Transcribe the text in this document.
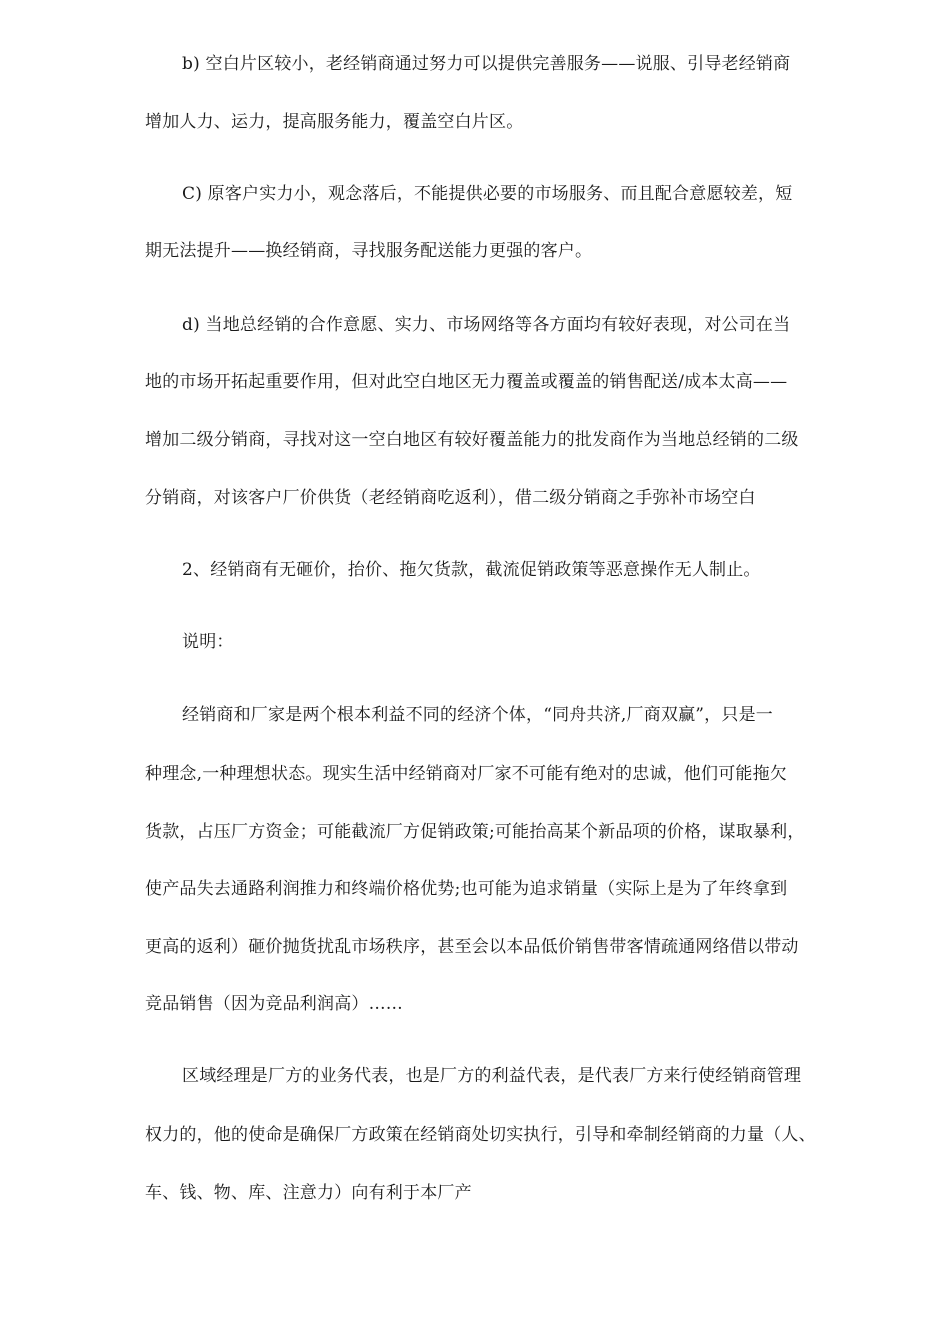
b) 空白片区较小，老经销商通过努力可以提供完善服务——说服、引导老经销商
增加人力、运力，提高服务能力，覆盖空白片区。
C) 原客户实力小，观念落后，不能提供必要的市场服务、而且配合意愿较差，短
期无法提升——换经销商，寻找服务配送能力更强的客户。
d) 当地总经销的合作意愿、实力、市场网络等各方面均有较好表现，对公司在当
地的市场开拓起重要作用，但对此空白地区无力覆盖或覆盖的销售配送/成本太高——
增加二级分销商，寻找对这一空白地区有较好覆盖能力的批发商作为当地总经销的二级
分销商，对该客户厂价供货（老经销商吃返利），借二级分销商之手弥补市场空白
2、经销商有无砸价，抬价、拖欠货款，截流促销政策等恶意操作无人制止。
说明：
经销商和厂家是两个根本利益不同的经济个体，“同舟共济,厂商双赢”，只是一
种理念,一种理想状态。现实生活中经销商对厂家不可能有绝对的忠诚，他们可能拖欠
货款，占压厂方资金；可能截流厂方促销政策;可能抬高某个新品项的价格，谋取暴利，
使产品失去通路利润推力和终端价格优势;也可能为追求销量（实际上是为了年终拿到
更高的返利）砸价抛货扰乱市场秩序，甚至会以本品低价销售带客情疏通网络借以带动
竞品销售（因为竞品利润高）……
区域经理是厂方的业务代表，也是厂方的利益代表，是代表厂方来行使经销商管理
权力的，他的使命是确保厂方政策在经销商处切实执行，引导和牵制经销商的力量（人、
车、钱、物、库、注意力）向有利于本厂产
